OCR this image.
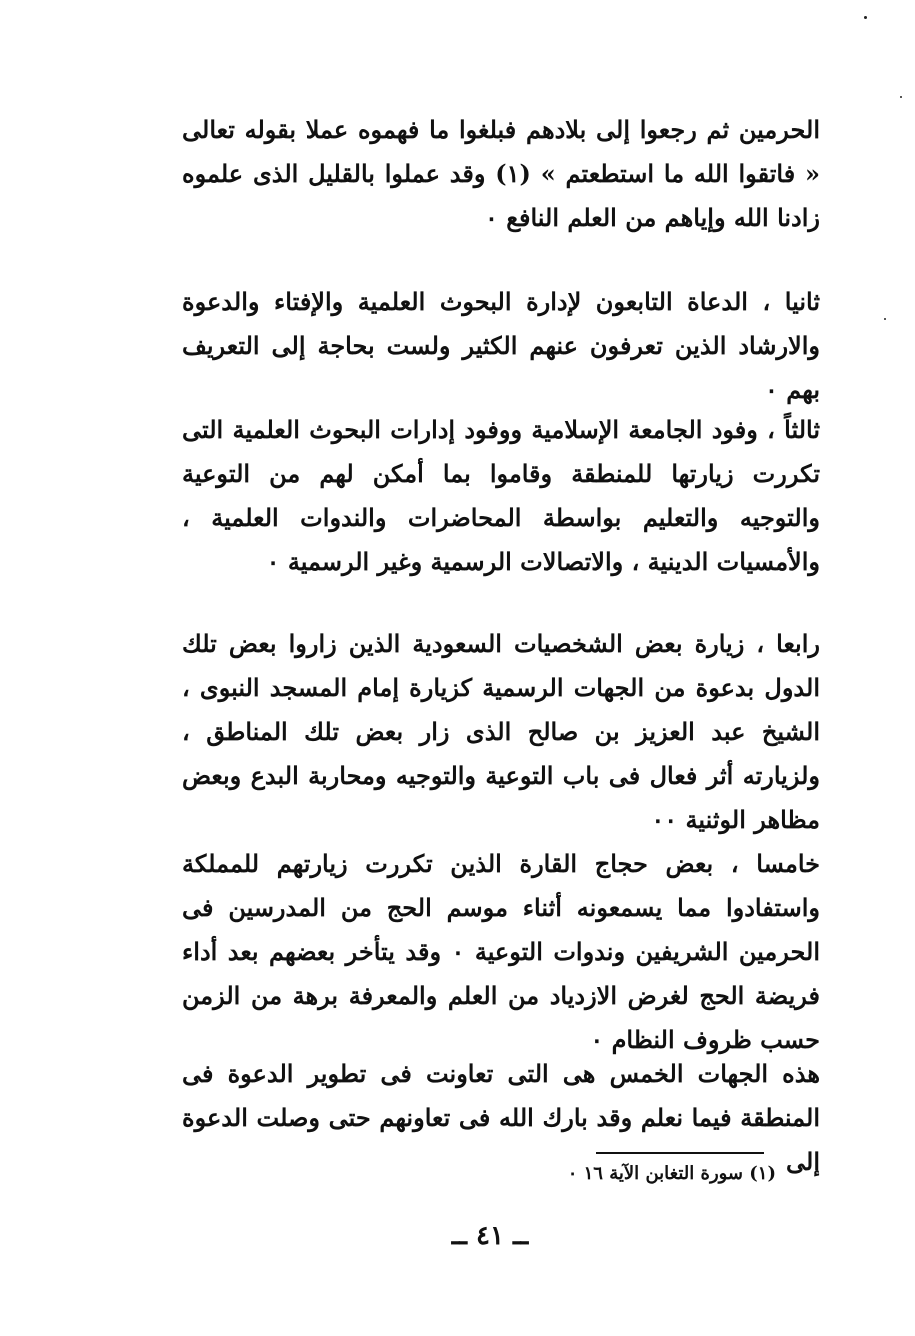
الحرمين ثم رجعوا إلى بلادهم فبلغوا ما فهموه عملا بقوله تعالى « فاتقوا الله ما استطعتم » (١) وقد عملوا بالقليل الذى علموه زادنا الله وإياهم من العلم النافع ٠

ثانيا ، الدعاة التابعون لإدارة البحوث العلمية والإفتاء والدعوة والارشاد الذين تعرفون عنهم الكثير ولست بحاجة إلى التعريف بهم ٠

ثالثاً ، وفود الجامعة الإسلامية ووفود إدارات البحوث العلمية التى تكررت زيارتها للمنطقة وقاموا بما أمكن لهم من التوعية والتوجيه والتعليم بواسطة المحاضرات والندوات العلمية ، والأمسيات الدينية ، والاتصالات الرسمية وغير الرسمية ٠

رابعا ، زيارة بعض الشخصيات السعودية الذين زاروا بعض تلك الدول بدعوة من الجهات الرسمية كزيارة إمام المسجد النبوى ، الشيخ عبد العزيز بن صالح الذى زار بعض تلك المناطق ، ولزيارته أثر فعال فى باب التوعية والتوجيه ومحاربة البدع وبعض مظاهر الوثنية ٠٠

خامسا ، بعض حجاج القارة الذين تكررت زيارتهم للمملكة واستفادوا مما يسمعونه أثناء موسم الحج من المدرسين فى الحرمين الشريفين وندوات التوعية ٠ وقد يتأخر بعضهم بعد أداء فريضة الحج لغرض الازدياد من العلم والمعرفة برهة من الزمن حسب ظروف النظام ٠

هذه الجهات الخمس هى التى تعاونت فى تطوير الدعوة فى المنطقة فيما نعلم وقد بارك الله فى تعاونهم حتى وصلت الدعوة إلى

(١) سورة التغابن الآية ١٦ ٠
ــ ٤١ ــ
